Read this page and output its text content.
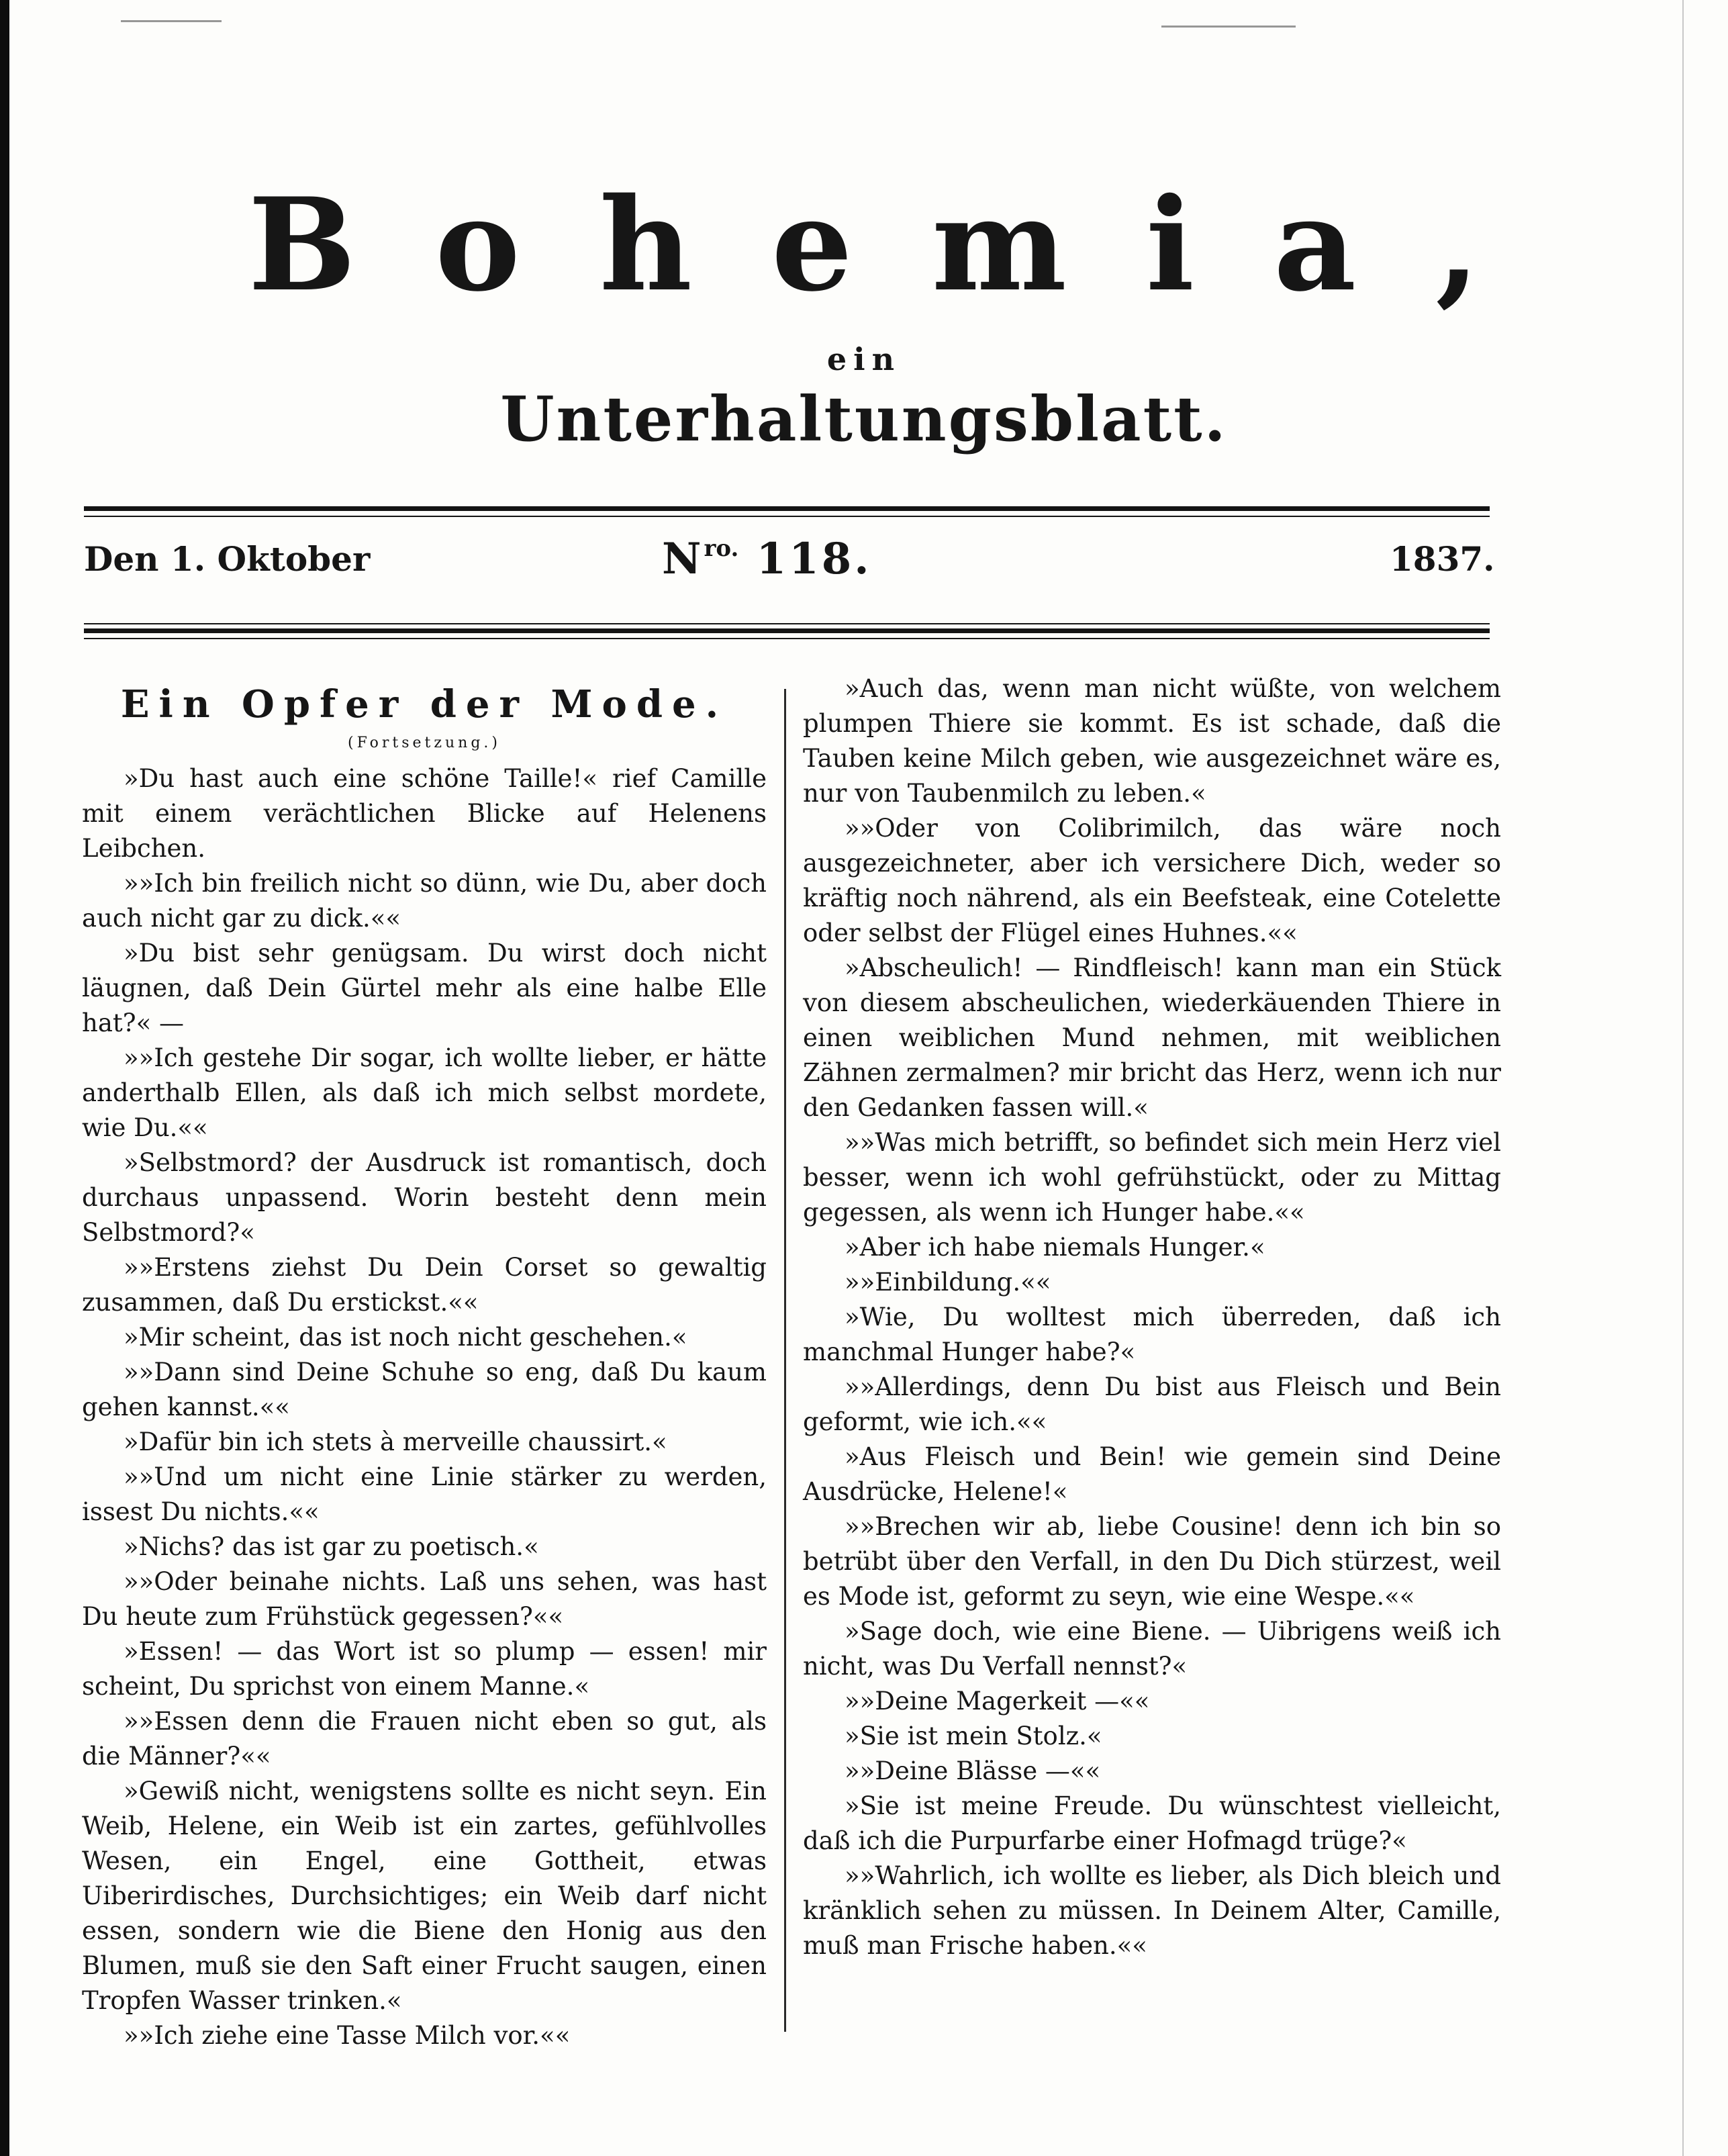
Bohemia,
ein
Unterhaltungsblatt.
Den 1. Oktober	$N^{ro.}$ 118.	1837.
Ein Opfer der Mode.
(Fortsetzung.)

»Du hast auch eine schöne Taille!« rief Camille mit einem verächtlichen Blicke auf Helenens Leibchen.

»»Ich bin freilich nicht so dünn, wie Du, aber doch auch nicht gar zu dick.««

»Du bist sehr genügsam. Du wirst doch nicht läugnen, daß Dein Gürtel mehr als eine halbe Elle hat?« —

»»Ich gestehe Dir sogar, ich wollte lieber, er hätte anderthalb Ellen, als daß ich mich selbst mordete, wie Du.««

»Selbstmord? der Ausdruck ist romantisch, doch durchaus unpassend. Worin besteht denn mein Selbstmord?«

»»Erstens ziehst Du Dein Corset so gewaltig zusammen, daß Du erstickst.««

»Mir scheint, das ist noch nicht geschehen.«

»»Dann sind Deine Schuhe so eng, daß Du kaum gehen kannst.««

»Dafür bin ich stets à merveille chaussirt.«

»»Und um nicht eine Linie stärker zu werden, issest Du nichts.««

»Nichs? das ist gar zu poetisch.«

»»Oder beinahe nichts. Laß uns sehen, was hast Du heute zum Frühstück gegessen?««

»Essen! — das Wort ist so plump — essen! mir scheint, Du sprichst von einem Manne.«

»»Essen denn die Frauen nicht eben so gut, als die Männer?««

»Gewiß nicht, wenigstens sollte es nicht seyn. Ein Weib, Helene, ein Weib ist ein zartes, gefühlvolles Wesen, ein Engel, eine Gottheit, etwas Uiberirdisches, Durchsichtiges; ein Weib darf nicht essen, sondern wie die Biene den Honig aus den Blumen, muß sie den Saft einer Frucht saugen, einen Tropfen Wasser trinken.«

»»Ich ziehe eine Tasse Milch vor.««

»Auch das, wenn man nicht wüßte, von welchem plumpen Thiere sie kommt. Es ist schade, daß die Tauben keine Milch geben, wie ausgezeichnet wäre es, nur von Taubenmilch zu leben.«

»»Oder von Colibrimilch, das wäre noch ausgezeichneter, aber ich versichere Dich, weder so kräftig noch nährend, als ein Beefsteak, eine Cotelette oder selbst der Flügel eines Huhnes.««

»Abscheulich! — Rindfleisch! kann man ein Stück von diesem abscheulichen, wiederkäuenden Thiere in einen weiblichen Mund nehmen, mit weiblichen Zähnen zermalmen? mir bricht das Herz, wenn ich nur den Gedanken fassen will.«

»»Was mich betrifft, so befindet sich mein Herz viel besser, wenn ich wohl gefrühstückt, oder zu Mittag gegessen, als wenn ich Hunger habe.««

»Aber ich habe niemals Hunger.«

»»Einbildung.««

»Wie, Du wolltest mich überreden, daß ich manchmal Hunger habe?«

»»Allerdings, denn Du bist aus Fleisch und Bein geformt, wie ich.««

»Aus Fleisch und Bein! wie gemein sind Deine Ausdrücke, Helene!«

»»Brechen wir ab, liebe Cousine! denn ich bin so betrübt über den Verfall, in den Du Dich stürzest, weil es Mode ist, geformt zu seyn, wie eine Wespe.««

»Sage doch, wie eine Biene. — Uibrigens weiß ich nicht, was Du Verfall nennst?«

»»Deine Magerkeit —««

»Sie ist mein Stolz.«

»»Deine Blässe —««

»Sie ist meine Freude. Du wünschtest vielleicht, daß ich die Purpurfarbe einer Hofmagd trüge?«

»»Wahrlich, ich wollte es lieber, als Dich bleich und kränklich sehen zu müssen. In Deinem Alter, Camille, muß man Frische haben.««
